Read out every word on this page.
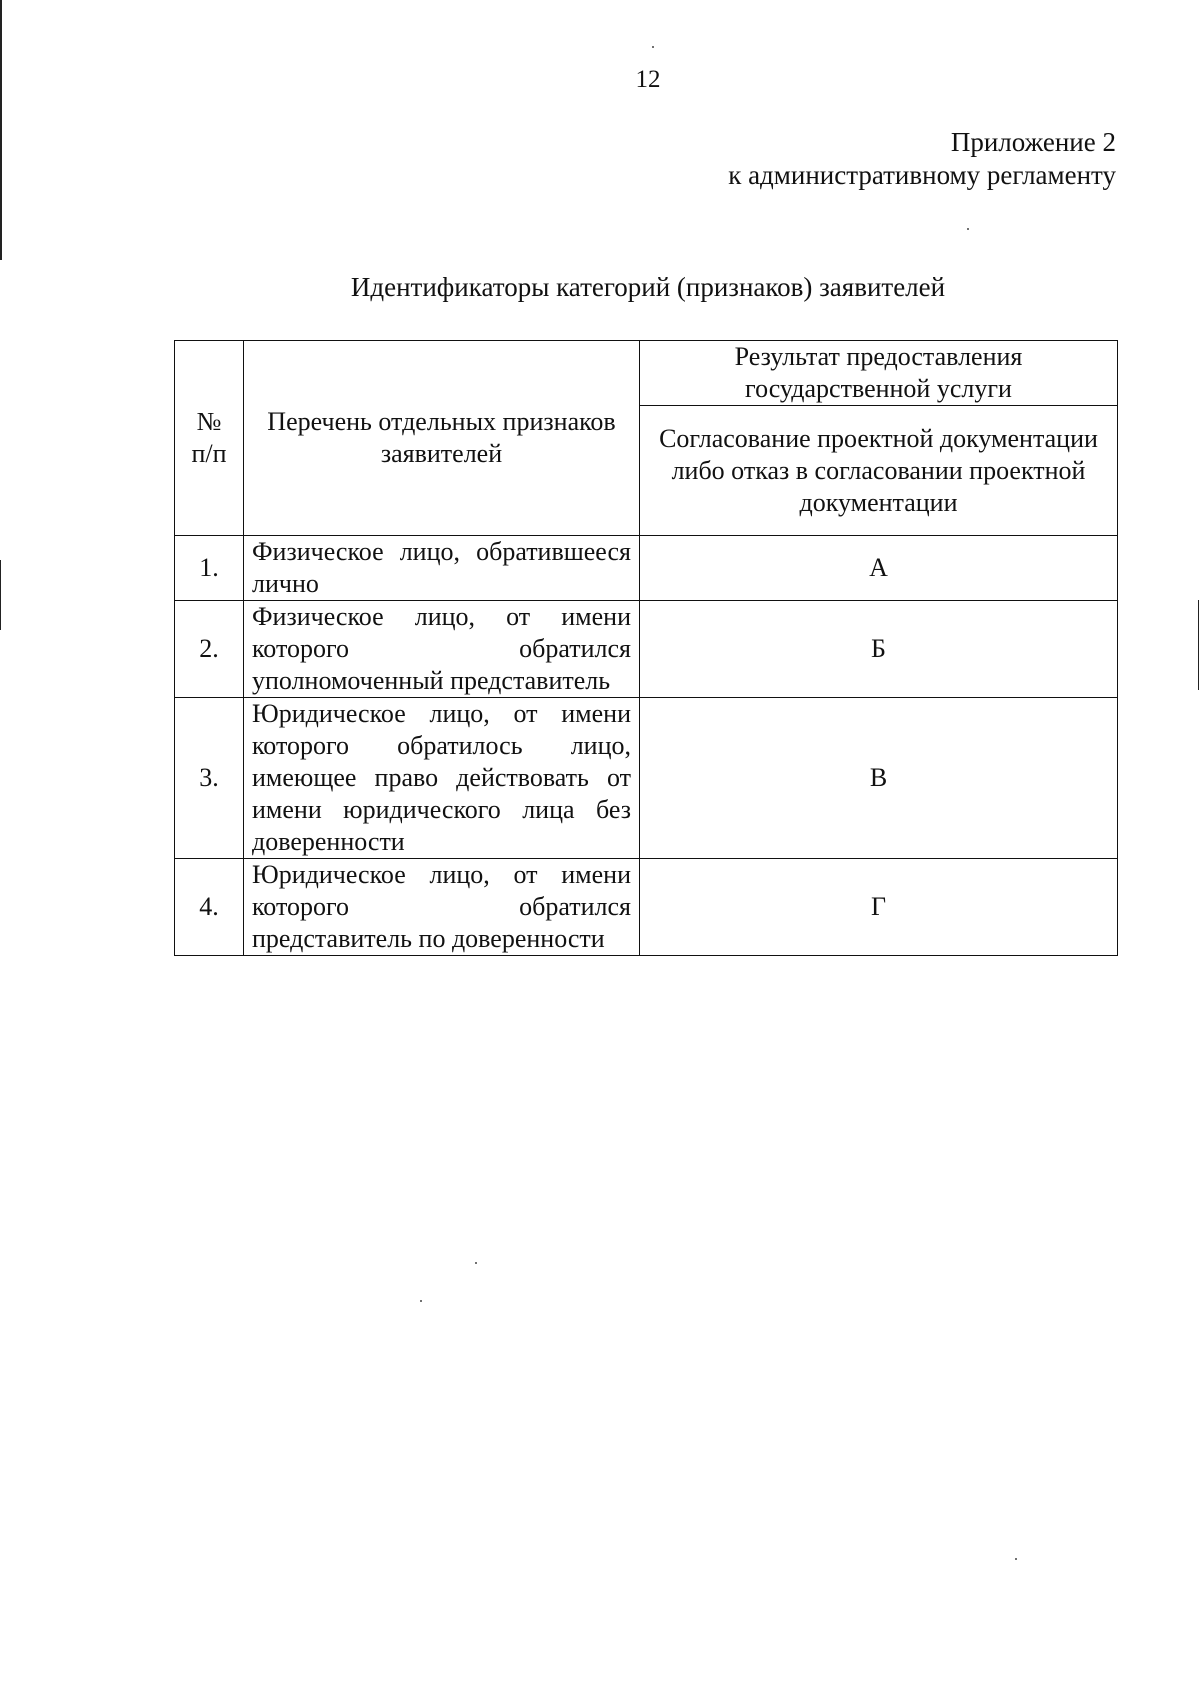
12
Приложение 2
к административному регламенту
Идентификаторы категорий (признаков) заявителей
№ п/п	Перечень отдельных признаков заявителей	Результат предоставления государственной услуги
		Согласование проектной документации либо отказ в согласовании проектной документации
1.	Физическое лицо, обратившееся лично	А
2.	Физическое лицо, от имени которого обратился уполномоченный представитель	Б
3.	Юридическое лицо, от имени которого обратилось лицо, имеющее право действовать от имени юридического лица без доверенности	В
4.	Юридическое лицо, от имени которого обратился представитель по доверенности	Г
